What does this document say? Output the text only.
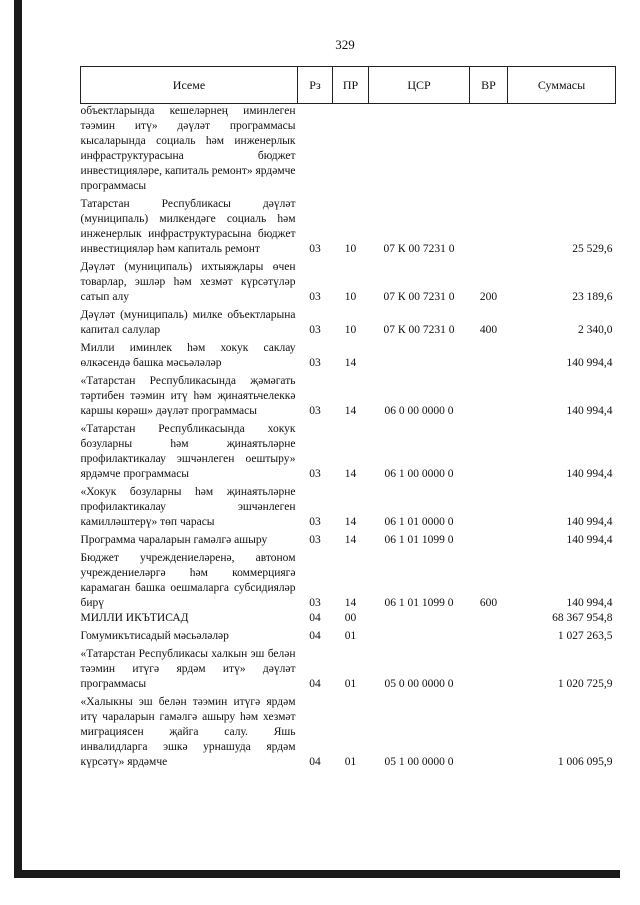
329
Исеме	Рз	ПР	ЦСР	ВР	Суммасы
объектларында кешеләрнең иминлеген тәэмин итү» дәүләт программасы кысаларында социаль һәм инженерлык инфраструктурасына бюджет инвестицияләре, капиталь ремонт» ярдәмче программасы					
Татарстан Республикасы дәүләт (муниципаль) милкендәге социаль һәм инженерлык инфраструктурасына бюджет инвестицияләр һәм капиталь ремонт	03	10	07 К 00 7231 0		25 529,6
Дәүләт (муниципаль) ихтыяҗлары өчен товарлар, эшләр һәм хезмәт күрсәтүләр сатып алу	03	10	07 К 00 7231 0	200	23 189,6
Дәүләт (муниципаль) милке объектларына капитал салулар	03	10	07 К 00 7231 0	400	2 340,0
Милли иминлек һәм хокук саклау өлкәсендә башка мәсьәләләр	03	14			140 994,4
«Татарстан Республикасында җәмәгать тәртибен тәэмин итү һәм җинаятьчелеккә каршы көрәш» дәүләт программасы	03	14	06 0 00 0000 0		140 994,4
«Татарстан Республикасында хокук бозуларны һәм җинаятьләрне профилактикалау эшчәнлеген оештыру» ярдәмче программасы	03	14	06 1 00 0000 0		140 994,4
«Хокук бозуларны һәм җинаятьләрне профилактикалау эшчәнлеген камилләштерү» төп чарасы	03	14	06 1 01 0000 0		140 994,4
Программа чараларын гамәлгә ашыру	03	14	06 1 01 1099 0		140 994,4
Бюджет учреждениеләренә, автоном учреждениеләргә һәм коммерциягә карамаган башка оешмаларга субсидияләр бирү	03	14	06 1 01 1099 0	600	140 994,4
МИЛЛИ ИКЪТИСАД	04	00			68 367 954,8
Гомумикътисадый мәсьәләләр	04	01			1 027 263,5
«Татарстан Республикасы халкын эш белән тәэмин итүгә ярдәм итү» дәүләт программасы	04	01	05 0 00 0000 0		1 020 725,9
«Халыкны эш белән тәэмин итүгә ярдәм итү чараларын гамәлгә ашыру һәм хезмәт миграциясен җайга салу. Яшь инвалидларга эшкә урнашуда ярдәм күрсәтү» ярдәмче	04	01	05 1 00 0000 0		1 006 095,9
